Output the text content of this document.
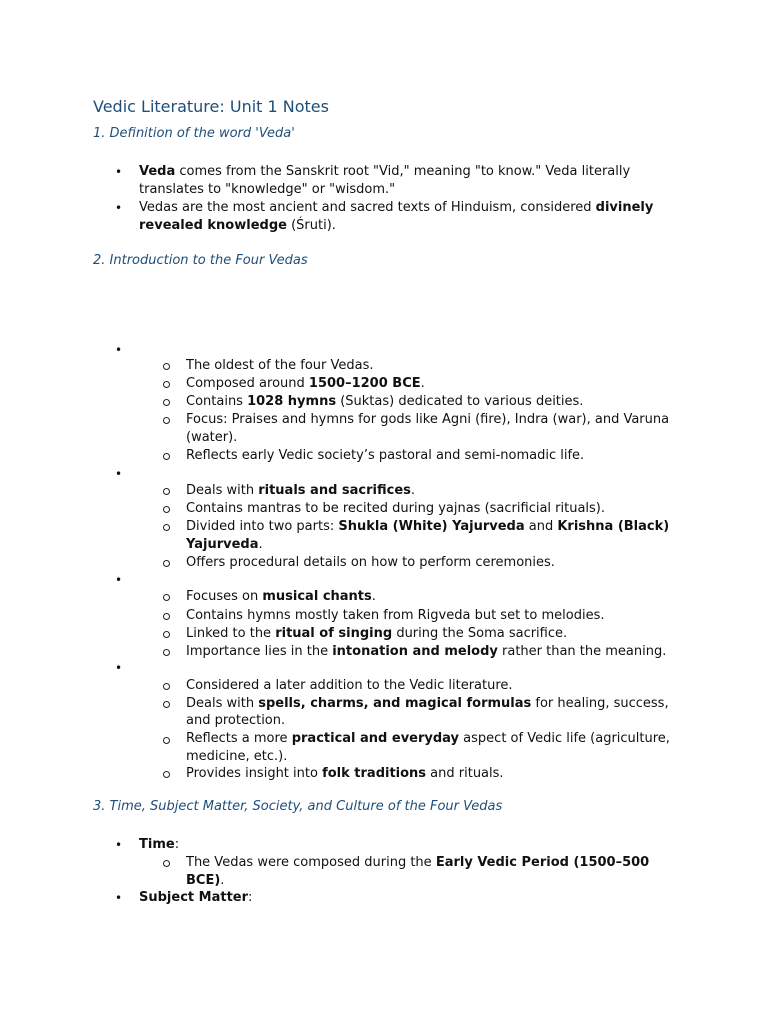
Vedic Literature: Unit 1 Notes
1. Definition of the word 'Veda'
• Veda comes from the Sanskrit root "Vid," meaning "to know." Veda literally
translates to "knowledge" or "wisdom."
• Vedas are the most ancient and sacred texts of Hinduism, considered divinely
revealed knowledge (Śruti).
2. Introduction to the Four Vedas
•
The oldest of the four Vedas.
Composed around 1500–1200 BCE.
Contains 1028 hymns (Suktas) dedicated to various deities.
Focus: Praises and hymns for gods like Agni (fire), Indra (war), and Varuna
(water).
Reflects early Vedic society’s pastoral and semi-nomadic life.
•
Deals with rituals and sacrifices.
Contains mantras to be recited during yajnas (sacrificial rituals).
Divided into two parts: Shukla (White) Yajurveda and Krishna (Black)
Yajurveda.
Offers procedural details on how to perform ceremonies.
•
Focuses on musical chants.
Contains hymns mostly taken from Rigveda but set to melodies.
Linked to the ritual of singing during the Soma sacrifice.
Importance lies in the intonation and melody rather than the meaning.
•
Considered a later addition to the Vedic literature.
Deals with spells, charms, and magical formulas for healing, success,
and protection.
Reflects a more practical and everyday aspect of Vedic life (agriculture,
medicine, etc.).
Provides insight into folk traditions and rituals.
3. Time, Subject Matter, Society, and Culture of the Four Vedas
• Time:
The Vedas were composed during the Early Vedic Period (1500–500
BCE).
• Subject Matter:
